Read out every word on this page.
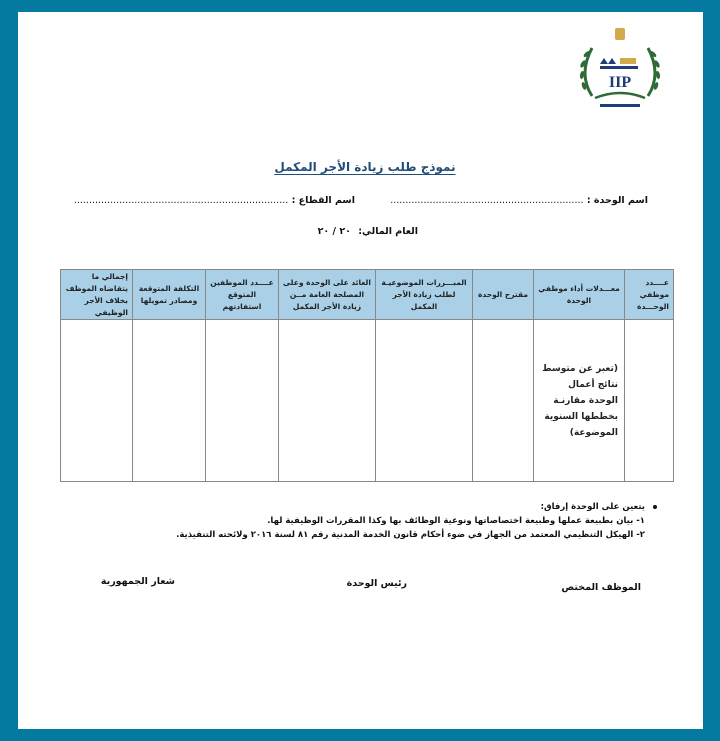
IIP
نموذج طلب زيادة الأجر المكمل
اسم الوحدة : ................................................................
اسم القطاع : .......................................................................
العام المالي: ٢٠ / ٢٠
عــــدد موظفي الوحـــدة	معـــدلات أداء موظفي الوحدة	مقترح الوحدة	المبـــررات الموضوعيـة لطلب زيادة الأجر المكمل	العائد على الوحدة وعلى المصلحة العامة مــن زيادة الأجر المكمل	عــــدد الموظفين المتوقع استفادتهم	التكلفة المتوقعة ومصادر تمويلها	إجمالي ما يتقاضاه الموظف بخلاف الأجر الوظيفي
	(تعبر عن متوسط نتائج أعمال الوحدة مقارنـة بخططها السنوية الموضوعة)						
يتعين على الوحدة إرفاق:
١- بيان بطبيعة عملها وطبيعة اختصاصاتها ونوعية الوظائف بها وكذا المقررات الوظيفية لها.
٢- الهيكل التنظيمي المعتمد من الجهاز في ضوء أحكام قانون الخدمة المدنية رقم ٨١ لسنة ٢٠١٦ ولائحته التنفيذية.
الموظف المختص
رئيس الوحدة
شعار الجمهورية
